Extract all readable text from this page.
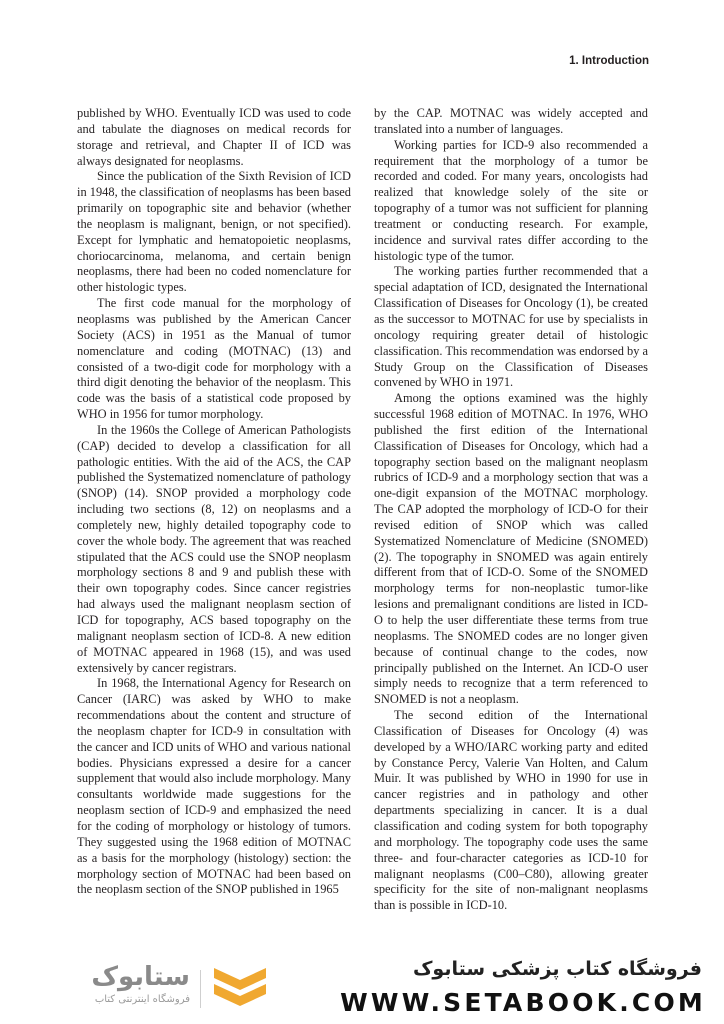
1. Introduction

published by WHO. Eventually ICD was used to code and tabulate the diagnoses on medical records for storage and retrieval, and Chapter II of ICD was always designated for neoplasms.

Since the publication of the Sixth Revision of ICD in 1948, the classification of neoplasms has been based primarily on topographic site and behavior (whether the neoplasm is malignant, benign, or not specified). Except for lymphatic and hematopoietic neoplasms, choriocarcinoma, melanoma, and certain benign neoplasms, there had been no coded nomenclature for other histologic types.

The first code manual for the morphology of neoplasms was published by the American Cancer Society (ACS) in 1951 as the Manual of tumor nomenclature and coding (MOTNAC) (13) and consisted of a two-digit code for morphology with a third digit denoting the behavior of the neoplasm. This code was the basis of a statistical code proposed by WHO in 1956 for tumor morphology.

In the 1960s the College of American Pathologists (CAP) decided to develop a classification for all pathologic entities. With the aid of the ACS, the CAP published the Systematized nomenclature of pathology (SNOP) (14). SNOP provided a morphology code including two sections (8, 12) on neoplasms and a completely new, highly detailed topography code to cover the whole body. The agreement that was reached stipulated that the ACS could use the SNOP neoplasm morphology sections 8 and 9 and publish these with their own topography codes. Since cancer registries had always used the malignant neoplasm section of ICD for topography, ACS based topography on the malignant neoplasm section of ICD-8. A new edition of MOTNAC appeared in 1968 (15), and was used extensively by cancer registrars.

In 1968, the International Agency for Research on Cancer (IARC) was asked by WHO to make recommendations about the content and structure of the neoplasm chapter for ICD-9 in consultation with the cancer and ICD units of WHO and various national bodies. Physicians expressed a desire for a cancer supplement that would also include morphology. Many consultants worldwide made suggestions for the neoplasm section of ICD-9 and emphasized the need for the coding of morphology or histology of tumors. They suggested using the 1968 edition of MOTNAC as a basis for the morphology (histology) section: the morphology section of MOTNAC had been based on the neoplasm section of the SNOP published in 1965

by the CAP. MOTNAC was widely accepted and translated into a number of languages.

Working parties for ICD-9 also recommended a requirement that the morphology of a tumor be recorded and coded. For many years, oncologists had realized that knowledge solely of the site or topography of a tumor was not sufficient for planning treatment or conducting research. For example, incidence and survival rates differ according to the histologic type of the tumor.

The working parties further recommended that a special adaptation of ICD, designated the International Classification of Diseases for Oncology (1), be created as the successor to MOTNAC for use by specialists in oncology requiring greater detail of histologic classification. This recommendation was endorsed by a Study Group on the Classification of Diseases convened by WHO in 1971.

Among the options examined was the highly successful 1968 edition of MOTNAC. In 1976, WHO published the first edition of the International Classification of Diseases for Oncology, which had a topography section based on the malignant neoplasm rubrics of ICD-9 and a morphology section that was a one-digit expansion of the MOTNAC morphology. The CAP adopted the morphology of ICD-O for their revised edition of SNOP which was called Systematized Nomenclature of Medicine (SNOMED) (2). The topography in SNOMED was again entirely different from that of ICD-O. Some of the SNOMED morphology terms for non-neoplastic tumor-like lesions and premalignant conditions are listed in ICD-O to help the user differentiate these terms from true neoplasms. The SNOMED codes are no longer given because of continual change to the codes, now principally published on the Internet. An ICD-O user simply needs to recognize that a term referenced to SNOMED is not a neoplasm.

The second edition of the International Classification of Diseases for Oncology (4) was developed by a WHO/IARC working party and edited by Constance Percy, Valerie Van Holten, and Calum Muir. It was published by WHO in 1990 for use in cancer registries and in pathology and other departments specializing in cancer. It is a dual classification and coding system for both topography and morphology. The topography code uses the same three- and four-character categories as ICD-10 for malignant neoplasms (C00–C80), allowing greater specificity for the site of non-malignant neoplasms than is possible in ICD-10.

ستابوک
فروشگاه اینترنتی کتاب
فروشگاه کتاب پزشکی ستابوک
WWW.SETABOOK.COM
